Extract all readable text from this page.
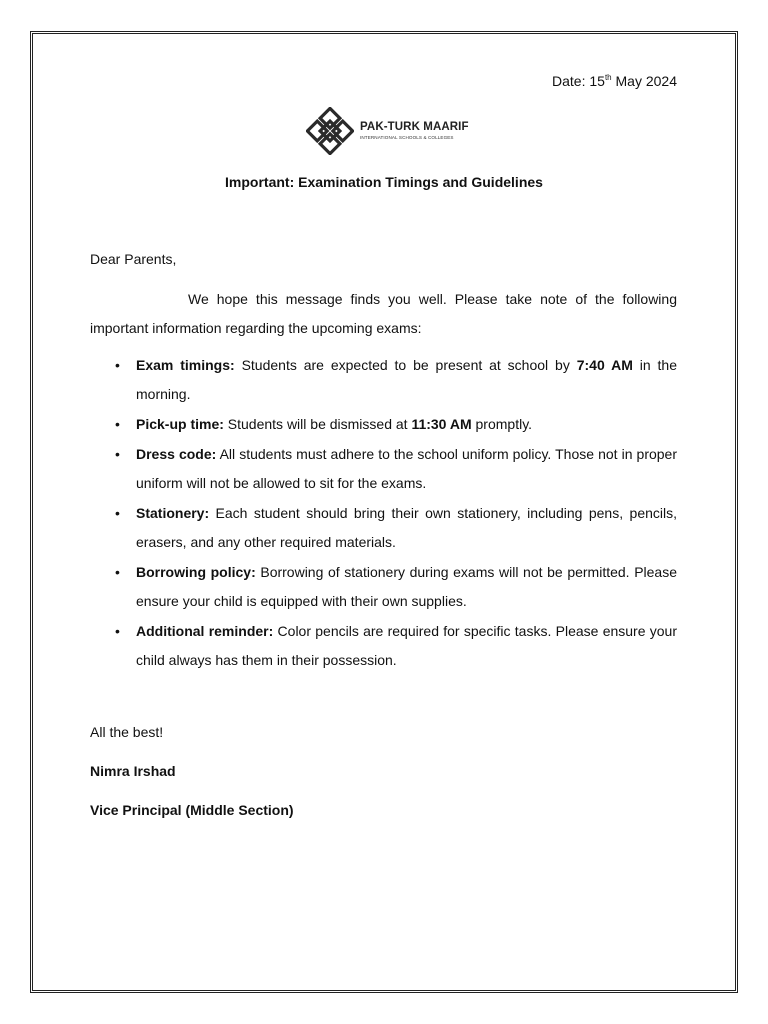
Date: 15th May 2024
PAK-TURK MAARIF
INTERNATIONAL SCHOOLS & COLLEGES
Important: Examination Timings and Guidelines
Dear Parents,
We hope this message finds you well. Please take note of the following important information regarding the upcoming exams:
• Exam timings: Students are expected to be present at school by 7:40 AM in the morning.
• Pick-up time: Students will be dismissed at 11:30 AM promptly.
• Dress code: All students must adhere to the school uniform policy. Those not in proper uniform will not be allowed to sit for the exams.
• Stationery: Each student should bring their own stationery, including pens, pencils, erasers, and any other required materials.
• Borrowing policy: Borrowing of stationery during exams will not be permitted. Please ensure your child is equipped with their own supplies.
• Additional reminder: Color pencils are required for specific tasks. Please ensure your child always has them in their possession.
All the best!
Nimra Irshad
Vice Principal (Middle Section)
